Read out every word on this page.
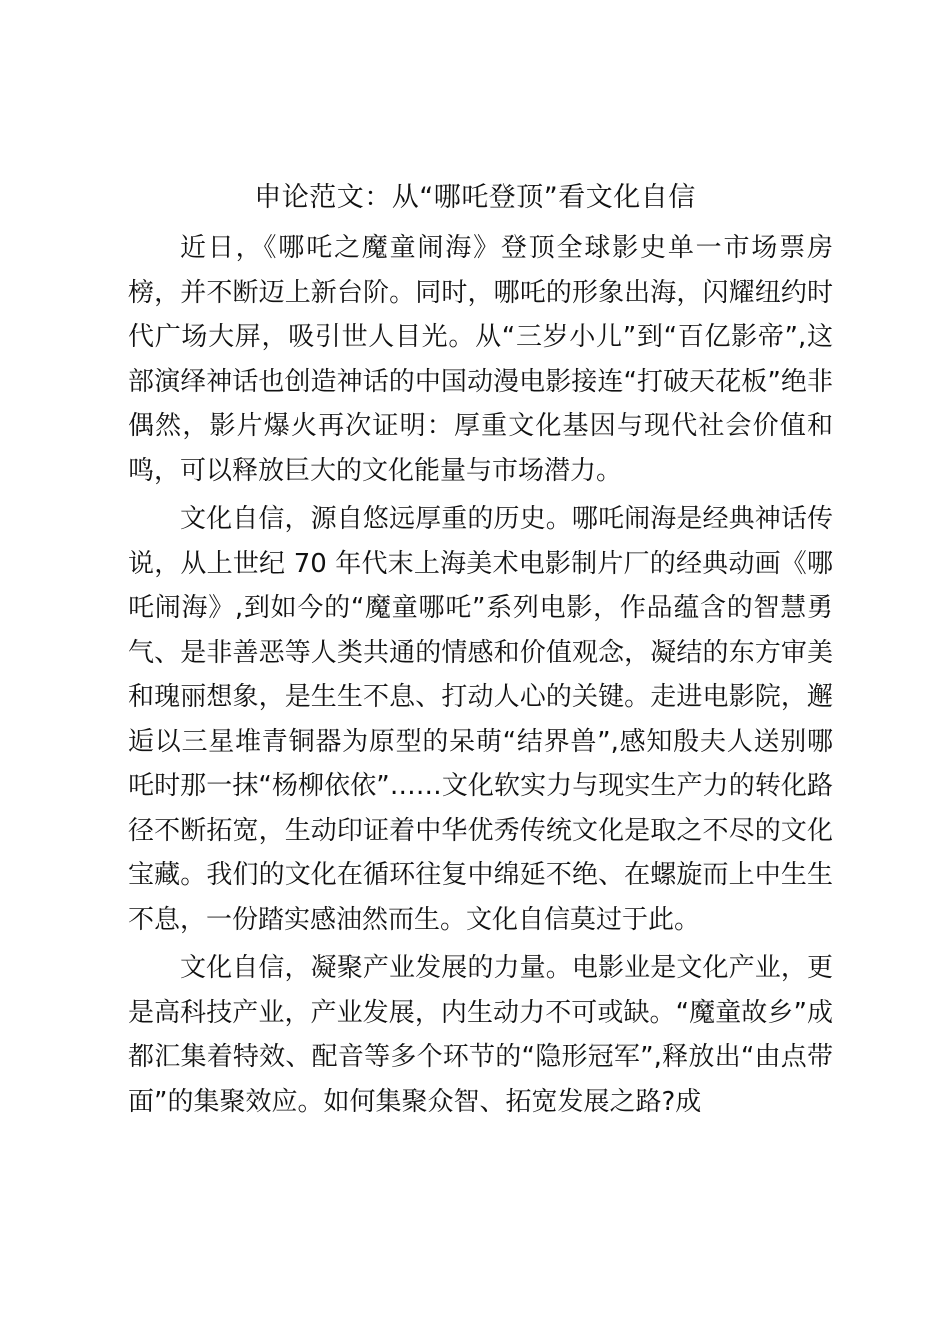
申论范文：从“哪吒登顶”看文化自信

近日，《哪吒之魔童闹海》登顶全球影史单一市场票房榜，并不断迈上新台阶。同时，哪吒的形象出海，闪耀纽约时代广场大屏，吸引世人目光。从“三岁小儿”到“百亿影帝”,这部演绎神话也创造神话的中国动漫电影接连“打破天花板”绝非偶然，影片爆火再次证明：厚重文化基因与现代社会价值和鸣，可以释放巨大的文化能量与市场潜力。

文化自信，源自悠远厚重的历史。哪吒闹海是经典神话传说，从上世纪 70 年代末上海美术电影制片厂的经典动画《哪吒闹海》,到如今的“魔童哪吒”系列电影，作品蕴含的智慧勇气、是非善恶等人类共通的情感和价值观念，凝结的东方审美和瑰丽想象，是生生不息、打动人心的关键。走进电影院，邂逅以三星堆青铜器为原型的呆萌“结界兽”,感知殷夫人送别哪吒时那一抹“杨柳依依”……文化软实力与现实生产力的转化路径不断拓宽，生动印证着中华优秀传统文化是取之不尽的文化宝藏。我们的文化在循环往复中绵延不绝、在螺旋而上中生生不息，一份踏实感油然而生。文化自信莫过于此。

文化自信，凝聚产业发展的力量。电影业是文化产业，更是高科技产业，产业发展，内生动力不可或缺。“魔童故乡”成都汇集着特效、配音等多个环节的“隐形冠军”,释放出“由点带面”的集聚效应。如何集聚众智、拓宽发展之路?成
